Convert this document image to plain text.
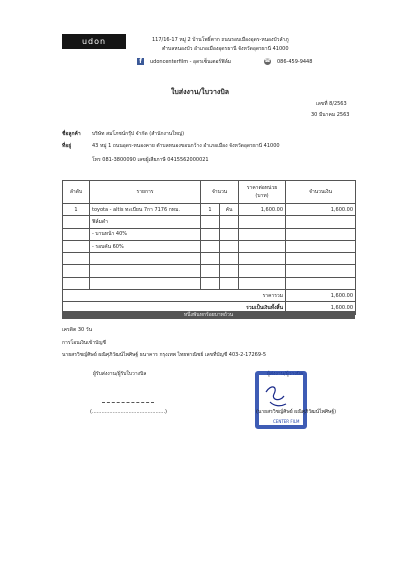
udon	117/16-17 หมู่ 2 บ้านโพธิ์ตาก ถนนรอบเมืองอุดร-หนองบัวลำภู
ตำบลหนองบัว อำเภอเมืองอุดรธานี จังหวัดอุดรธานี 41000
f	udoncenterfilm - อุดรเซ็นเตอร์ฟิล์ม	☎ 086-459-9448
ใบส่งงาน/ใบวางบิล
เลขที่ 8/2563
30 มีนาคม 2563
ชื่อลูกค้า บริษัท สมโภชน์กรุ๊ป จำกัด (สำนักงานใหญ่)
ที่อยู่	43 หมู่ 1 ถนนอุดร-หนองคาย ตำบลหนองขอนกว้าง อำเภอเมือง จังหวัดอุดรธานี 41000
โทร 081-3800090 เลขผู้เสียภาษี 0415562000021
ลำดับ	รายการ	จำนวน		ราคาต่อหน่วย (บาท)	จำนวนเงิน
1	toyota - altis ทะเบียน 7กา 7176 กทม.	1	คัน	1,600.00	1,600.00
	ฟิล์มดำ				
	- บานหน้า 40%				
	- รอบคัน 60%				

ราคารวม					1,600.00
รวมเป็นเงินทั้งสิ้น					1,600.00
หนึ่งพันหกร้อยบาทถ้วน
เครดิต 30 วัน
การโอนเงินเข้าบัญชี
นายสรวิชญ์ศิษย์ ผณิศุภิวัฒน์ไพศิษฐ์ ธนาคาร กรุงเทพ ไทยพาณิชย์ เลขที่บัญชี 403-2-17269-5
ผู้รับส่งงาน/ผู้รับใบวางบิล
(..............................................)
ผู้ส่งงาน/ผู้วางบิล
(นายสรวิชญ์ศิษย์ ผณิศุภิวัฒน์ไพศิษฐ์)
CENTER FILM
